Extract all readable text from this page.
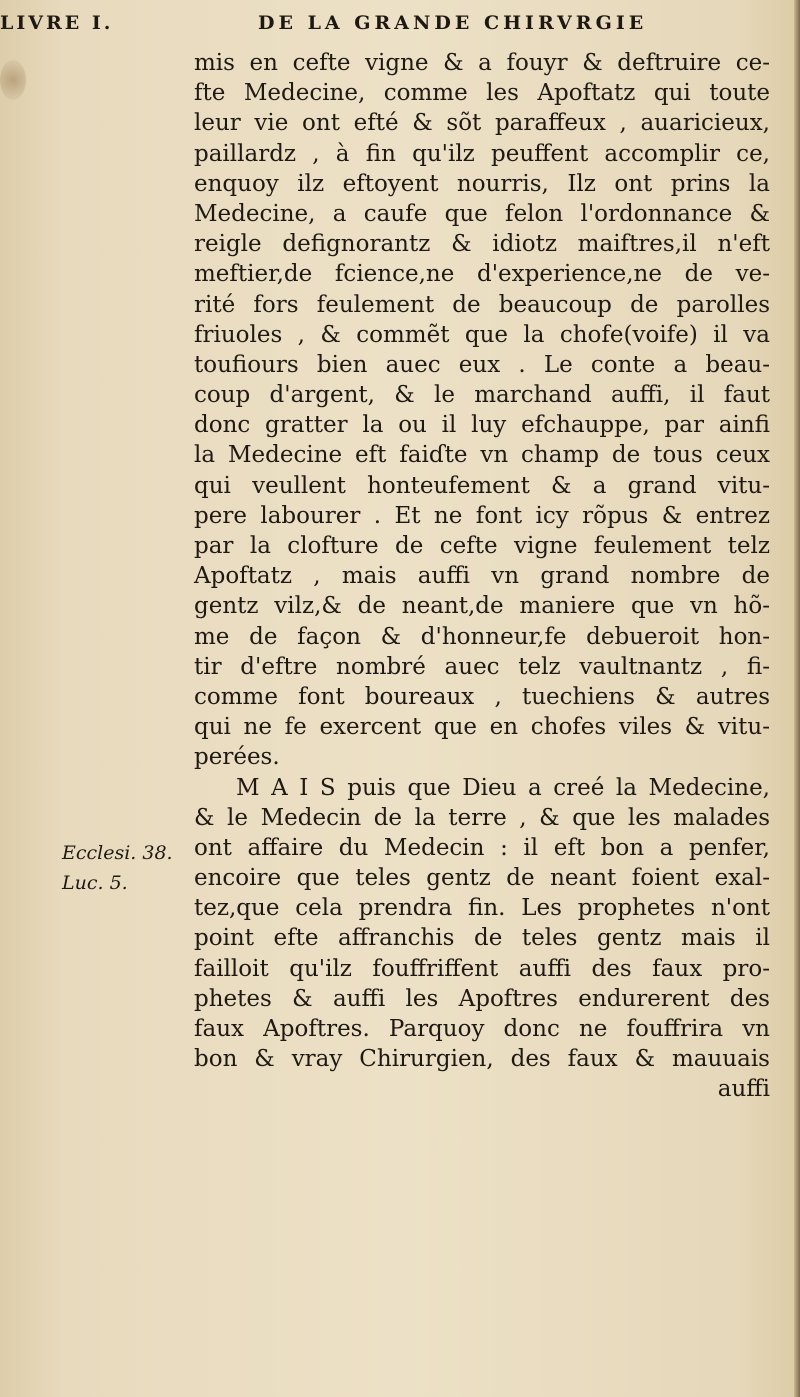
LIVRE I.	DE LA GRANDE CHIRVRGIE
Ecclesi. 38.
Luc. 5.
mis en cefte vigne & a fouyr & deftruire ce-
fte Medecine, comme les Apoftatz qui toute
leur vie ont efté & sõt paraffeux , auaricieux,
paillardz , à fin qu'ilz peuffent accomplir ce,
enquoy ilz eftoyent nourris, Ilz ont prins la
Medecine, a caufe que felon l'ordonnance &
reigle defignorantz & idiotz maiftres,il n'eft
meftier,de fcience,ne d'experience,ne de ve-
rité fors feulement de beaucoup de parolles
friuoles , & commẽt que la chofe(voife) il va
toufiours bien auec eux . Le conte a beau-
coup d'argent, & le marchand auffi, il faut
donc gratter la ou il luy efchauppe, par ainfi
la Medecine eft faiɗte vn champ de tous ceux
qui veullent honteufement & a grand vitu-
pere labourer . Et ne font icy rõpus & entrez
par la clofture de cefte vigne feulement telz
Apoftatz , mais auffi vn grand nombre de
gentz vilz,& de neant,de maniere que vn hõ-
me de façon & d'honneur,fe debueroit hon-
tir d'eftre nombré auec telz vaultnantz , fi-
comme font boureaux , tuechiens & autres
qui ne fe exercent que en chofes viles & vitu-
perées.
M A I S puis que Dieu a creé la Medecine,
& le Medecin de la terre , & que les malades
ont affaire du Medecin : il eft bon a penfer,
encoire que teles gentz de neant foient exal-
tez,que cela prendra fin. Les prophetes n'ont
point efte affranchis de teles gentz mais il
failloit qu'ilz fouffriffent auffi des faux pro-
phetes & auffi les Apoftres endurerent des
faux Apoftres. Parquoy donc ne fouffrira vn
bon & vray Chirurgien, des faux & mauuais
auffi
